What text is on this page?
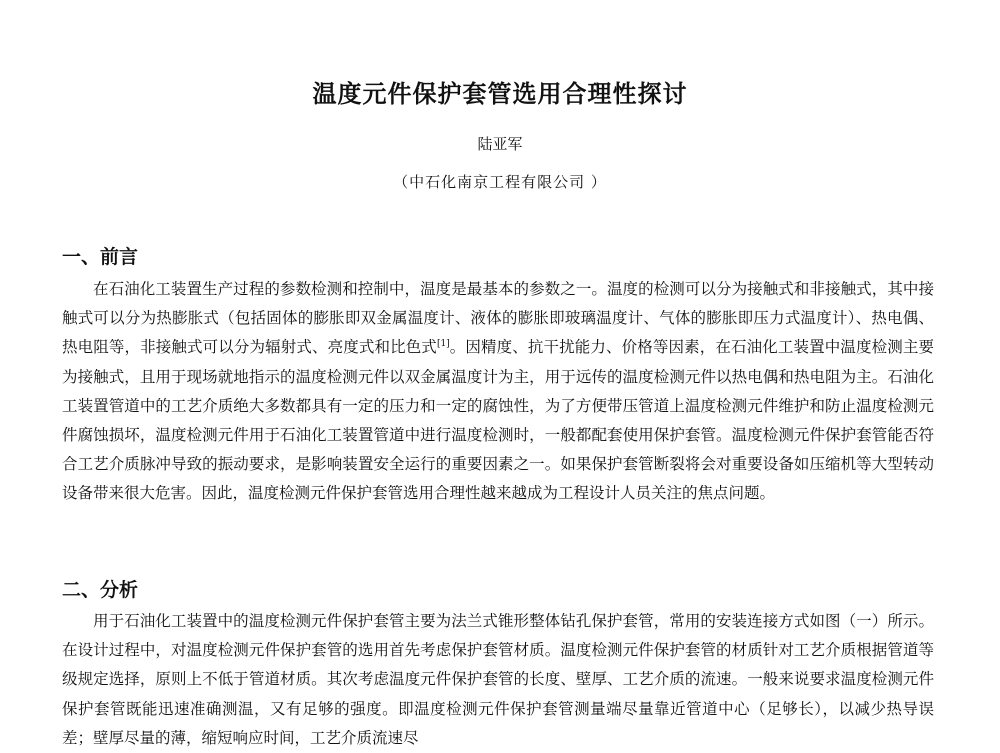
温度元件保护套管选用合理性探讨
陆亚军
（中石化南京工程有限公司 ）
一、前言

在石油化工装置生产过程的参数检测和控制中，温度是最基本的参数之一。温度的检测可以分为接触式和非接触式，其中接触式可以分为热膨胀式（包括固体的膨胀即双金属温度计、液体的膨胀即玻璃温度计、气体的膨胀即压力式温度计）、热电偶、热电阻等，非接触式可以分为辐射式、亮度式和比色式[1]。因精度、抗干扰能力、价格等因素，在石油化工装置中温度检测主要为接触式，且用于现场就地指示的温度检测元件以双金属温度计为主，用于远传的温度检测元件以热电偶和热电阻为主。石油化工装置管道中的工艺介质绝大多数都具有一定的压力和一定的腐蚀性，为了方便带压管道上温度检测元件维护和防止温度检测元件腐蚀损坏，温度检测元件用于石油化工装置管道中进行温度检测时，一般都配套使用保护套管。温度检测元件保护套管能否符合工艺介质脉冲导致的振动要求，是影响装置安全运行的重要因素之一。如果保护套管断裂将会对重要设备如压缩机等大型转动设备带来很大危害。因此，温度检测元件保护套管选用合理性越来越成为工程设计人员关注的焦点问题。

二、分析

用于石油化工装置中的温度检测元件保护套管主要为法兰式锥形整体钻孔保护套管，常用的安装连接方式如图（一）所示。在设计过程中，对温度检测元件保护套管的选用首先考虑保护套管材质。温度检测元件保护套管的材质针对工艺介质根据管道等级规定选择，原则上不低于管道材质。其次考虑温度元件保护套管的长度、壁厚、工艺介质的流速。一般来说要求温度检测元件保护套管既能迅速准确测温，又有足够的强度。即温度检测元件保护套管测量端尽量靠近管道中心（足够长），以减少热导误差；壁厚尽量的薄，缩短响应时间，工艺介质流速尽
